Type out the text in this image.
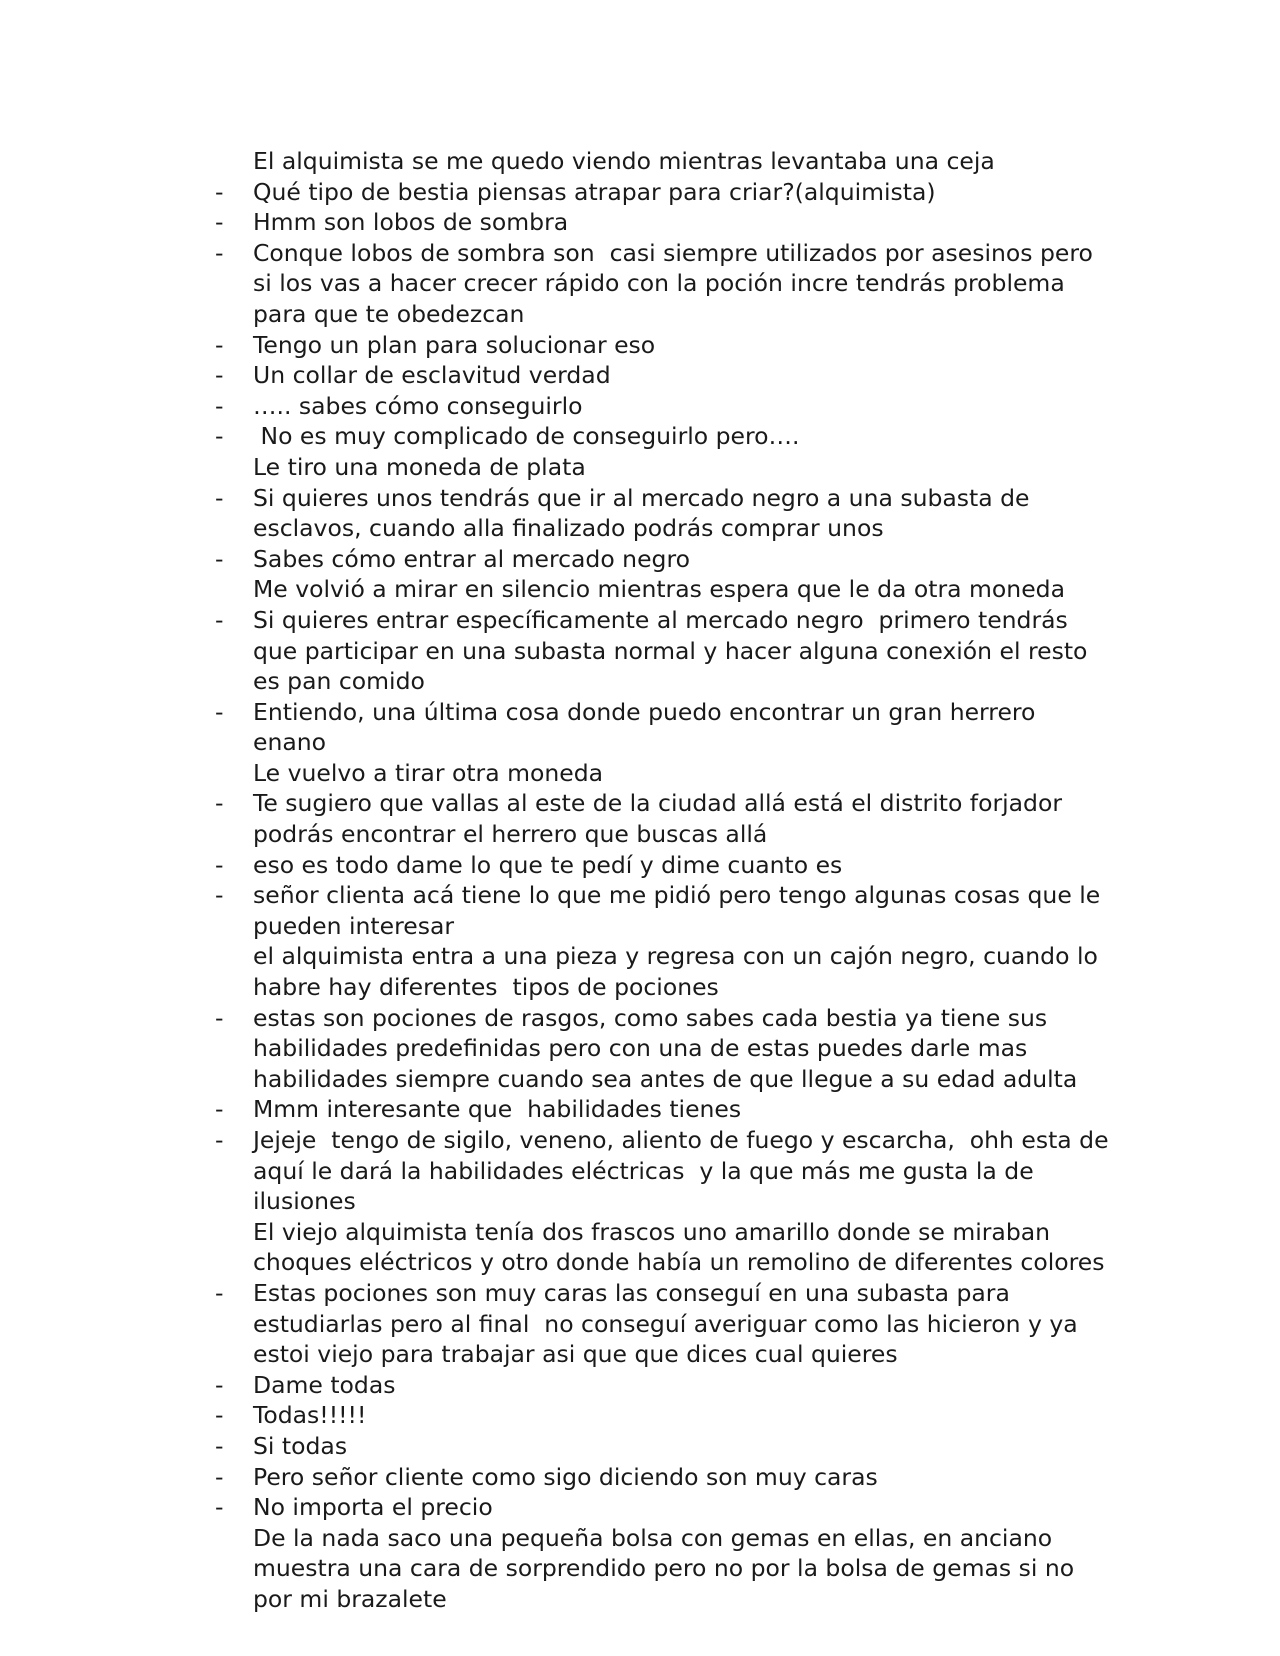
El alquimista se me quedo viendo mientras levantaba una ceja
- Qué tipo de bestia piensas atrapar para criar?(alquimista)
- Hmm son lobos de sombra
- Conque lobos de sombra son  casi siempre utilizados por asesinos pero si los vas a hacer crecer rápido con la poción incre tendrás problema para que te obedezcan
- Tengo un plan para solucionar eso
- Un collar de esclavitud verdad
- ….. sabes cómo conseguirlo
- No es muy complicado de conseguirlo pero….
Le tiro una moneda de plata
- Si quieres unos tendrás que ir al mercado negro a una subasta de esclavos, cuando alla finalizado podrás comprar unos
- Sabes cómo entrar al mercado negro
Me volvió a mirar en silencio mientras espera que le da otra moneda
- Si quieres entrar específicamente al mercado negro  primero tendrás que participar en una subasta normal y hacer alguna conexión el resto es pan comido
- Entiendo, una última cosa donde puedo encontrar un gran herrero enano
Le vuelvo a tirar otra moneda
- Te sugiero que vallas al este de la ciudad allá está el distrito forjador podrás encontrar el herrero que buscas allá
- eso es todo dame lo que te pedí y dime cuanto es
- señor clienta acá tiene lo que me pidió pero tengo algunas cosas que le pueden interesar
el alquimista entra a una pieza y regresa con un cajón negro, cuando lo habre hay diferentes  tipos de pociones
- estas son pociones de rasgos, como sabes cada bestia ya tiene sus habilidades predefinidas pero con una de estas puedes darle mas habilidades siempre cuando sea antes de que llegue a su edad adulta
- Mmm interesante que  habilidades tienes
- Jejeje  tengo de sigilo, veneno, aliento de fuego y escarcha,  ohh esta de aquí le dará la habilidades eléctricas  y la que más me gusta la de ilusiones
El viejo alquimista tenía dos frascos uno amarillo donde se miraban choques eléctricos y otro donde había un remolino de diferentes colores
- Estas pociones son muy caras las conseguí en una subasta para estudiarlas pero al final  no conseguí averiguar como las hicieron y ya estoi viejo para trabajar asi que que dices cual quieres
- Dame todas
- Todas!!!!!
- Si todas
- Pero señor cliente como sigo diciendo son muy caras
- No importa el precio
De la nada saco una pequeña bolsa con gemas en ellas, en anciano muestra una cara de sorprendido pero no por la bolsa de gemas si no por mi brazalete
